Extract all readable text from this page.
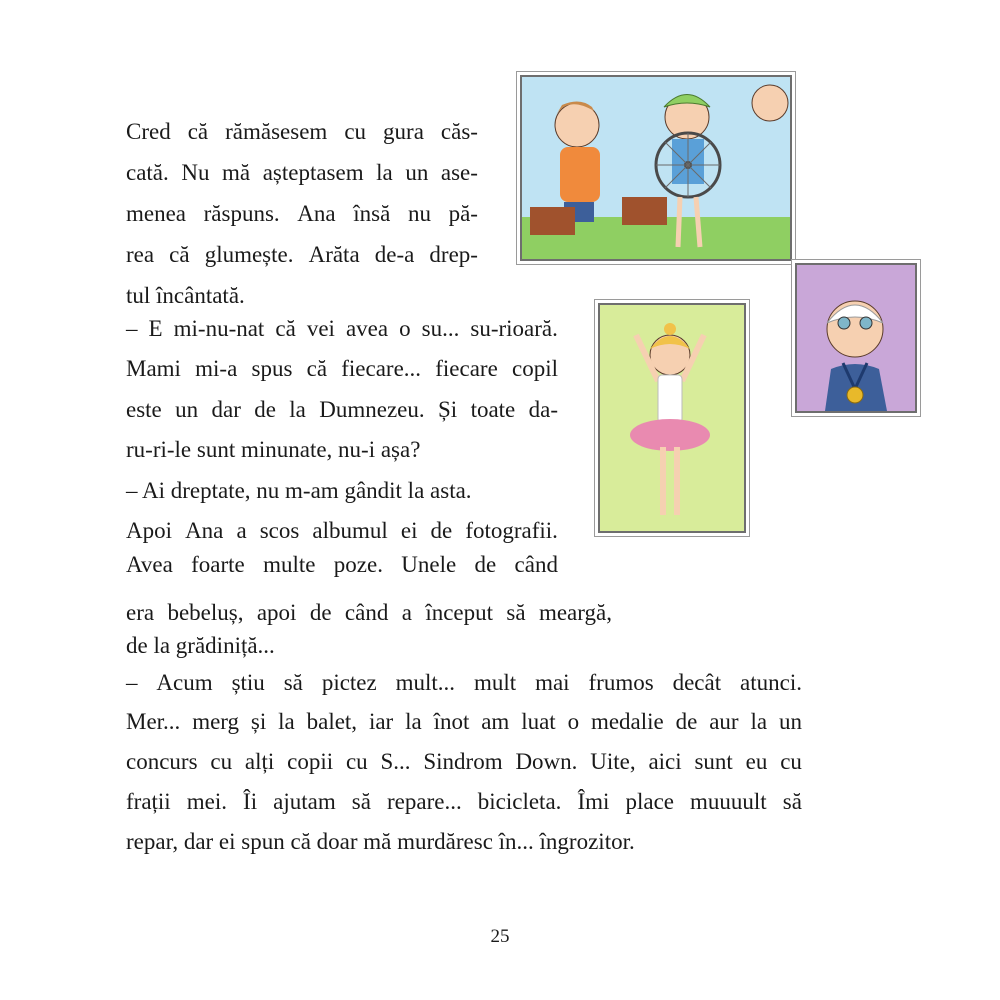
Cred că rămăsesem cu gura căs-
cată. Nu mă așteptasem la un ase-
menea răspuns. Ana însă nu pă-
rea că glumește. Arăta de-a drep-
tul încântată.
– E mi-nu-nat că vei avea o su... su-rioară.
Mami mi-a spus că fiecare... fiecare copil
este un dar de la Dumnezeu. Și toate da-
ru-ri-le sunt minunate, nu-i așa?
– Ai dreptate, nu m-am gândit la asta.
Apoi Ana a scos albumul ei de fotografii.
Avea foarte multe poze. Unele de când
era bebeluș, apoi de când a început să meargă,
de la grădiniță...
– Acum știu să pictez mult... mult mai frumos decât atunci.
Mer... merg și la balet, iar la înot am luat o medalie de aur la un
concurs cu alți copii cu S... Sindrom Down. Uite, aici sunt eu cu
frații mei. Îi ajutam să repare... bicicleta. Îmi place muuuult să
repar, dar ei spun că doar mă murdăresc în... îngrozitor.
25
